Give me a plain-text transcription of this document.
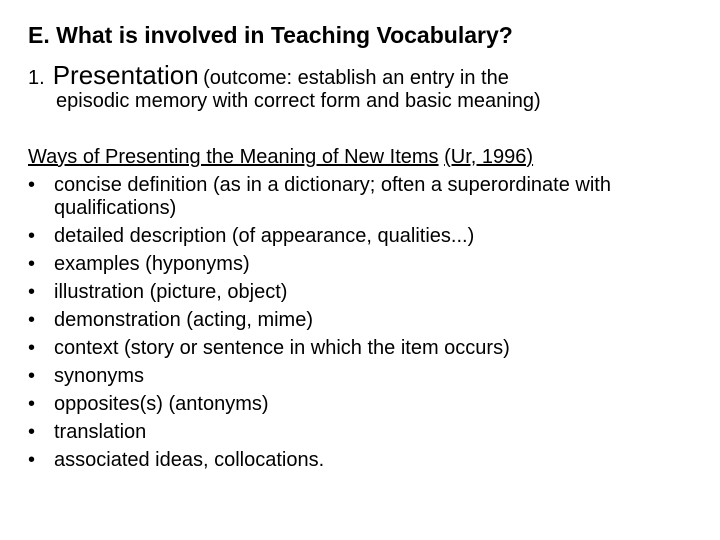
E. What is involved in Teaching Vocabulary?
1. Presentation (outcome: establish an entry in the
episodic memory with correct form and basic meaning)
Ways of Presenting the Meaning of New Items (Ur, 1996)
• concise definition (as in a dictionary; often a superordinate with qualifications)
• detailed description (of appearance, qualities...)
• examples (hyponyms)
• illustration (picture, object)
• demonstration (acting, mime)
• context (story or sentence in which the item occurs)
• synonyms
• opposites(s) (antonyms)
• translation
• associated ideas, collocations.
